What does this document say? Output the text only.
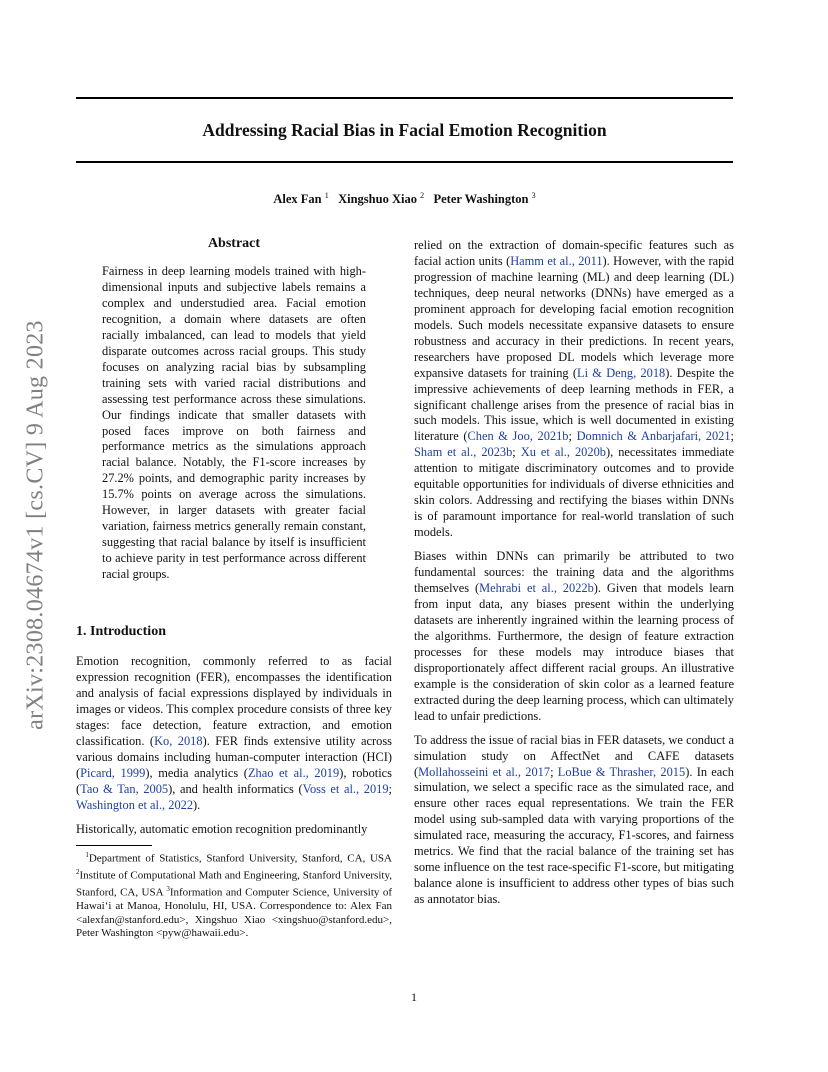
Addressing Racial Bias in Facial Emotion Recognition
Alex Fan $^1$ Xingshuo Xiao $^2$ Peter Washington $^3$
arXiv:2308.04674v1 [cs.CV] 9 Aug 2023
Abstract
Fairness in deep learning models trained with high-dimensional inputs and subjective labels remains a complex and understudied area. Facial emotion recognition, a domain where datasets are often racially imbalanced, can lead to models that yield disparate outcomes across racial groups. This study focuses on analyzing racial bias by subsampling training sets with varied racial distributions and assessing test performance across these simulations. Our findings indicate that smaller datasets with posed faces improve on both fairness and performance metrics as the simulations approach racial balance. Notably, the F1-score increases by 27.2% points, and demographic parity increases by 15.7% points on average across the simulations. However, in larger datasets with greater facial variation, fairness metrics generally remain constant, suggesting that racial balance by itself is insufficient to achieve parity in test performance across different racial groups.
1. Introduction

Emotion recognition, commonly referred to as facial expression recognition (FER), encompasses the identification and analysis of facial expressions displayed by individuals in images or videos. This complex procedure consists of three key stages: face detection, feature extraction, and emotion classification. (Ko, 2018). FER finds extensive utility across various domains including human-computer interaction (HCI) (Picard, 1999), media analytics (Zhao et al., 2019), robotics (Tao & Tan, 2005), and health informatics (Voss et al., 2019; Washington et al., 2022).

Historically, automatic emotion recognition predominantly

$^1$Department of Statistics, Stanford University, Stanford, CA, USA $^2$Institute of Computational Math and Engineering, Stanford University, Stanford, CA, USA $^3$Information and Computer Science, University of Hawai‘i at Manoa, Honolulu, HI, USA. Correspondence to: Alex Fan <alexfan@stanford.edu>, Xingshuo Xiao <xingshuo@stanford.edu>, Peter Washington <pyw@hawaii.edu>.

relied on the extraction of domain-specific features such as facial action units (Hamm et al., 2011). However, with the rapid progression of machine learning (ML) and deep learning (DL) techniques, deep neural networks (DNNs) have emerged as a prominent approach for developing facial emotion recognition models. Such models necessitate expansive datasets to ensure robustness and accuracy in their predictions. In recent years, researchers have proposed DL models which leverage more expansive datasets for training (Li & Deng, 2018). Despite the impressive achievements of deep learning methods in FER, a significant challenge arises from the presence of racial bias in such models. This issue, which is well documented in existing literature (Chen & Joo, 2021b; Domnich & Anbarjafari, 2021; Sham et al., 2023b; Xu et al., 2020b), necessitates immediate attention to mitigate discriminatory outcomes and to provide equitable opportunities for individuals of diverse ethnicities and skin colors. Addressing and rectifying the biases within DNNs is of paramount importance for real-world translation of such models.

Biases within DNNs can primarily be attributed to two fundamental sources: the training data and the algorithms themselves (Mehrabi et al., 2022b). Given that models learn from input data, any biases present within the underlying datasets are inherently ingrained within the learning process of the algorithms. Furthermore, the design of feature extraction processes for these models may introduce biases that disproportionately affect different racial groups. An illustrative example is the consideration of skin color as a learned feature extracted during the deep learning process, which can ultimately lead to unfair predictions.

To address the issue of racial bias in FER datasets, we conduct a simulation study on AffectNet and CAFE datasets (Mollahosseini et al., 2017; LoBue & Thrasher, 2015). In each simulation, we select a specific race as the simulated race, and ensure other races equal representations. We train the FER model using sub-sampled data with varying proportions of the simulated race, measuring the accuracy, F1-scores, and fairness metrics. We find that the racial balance of the training set has some influence on the test race-specific F1-score, but mitigating balance alone is insufficient to address other types of bias such as annotator bias.

1
